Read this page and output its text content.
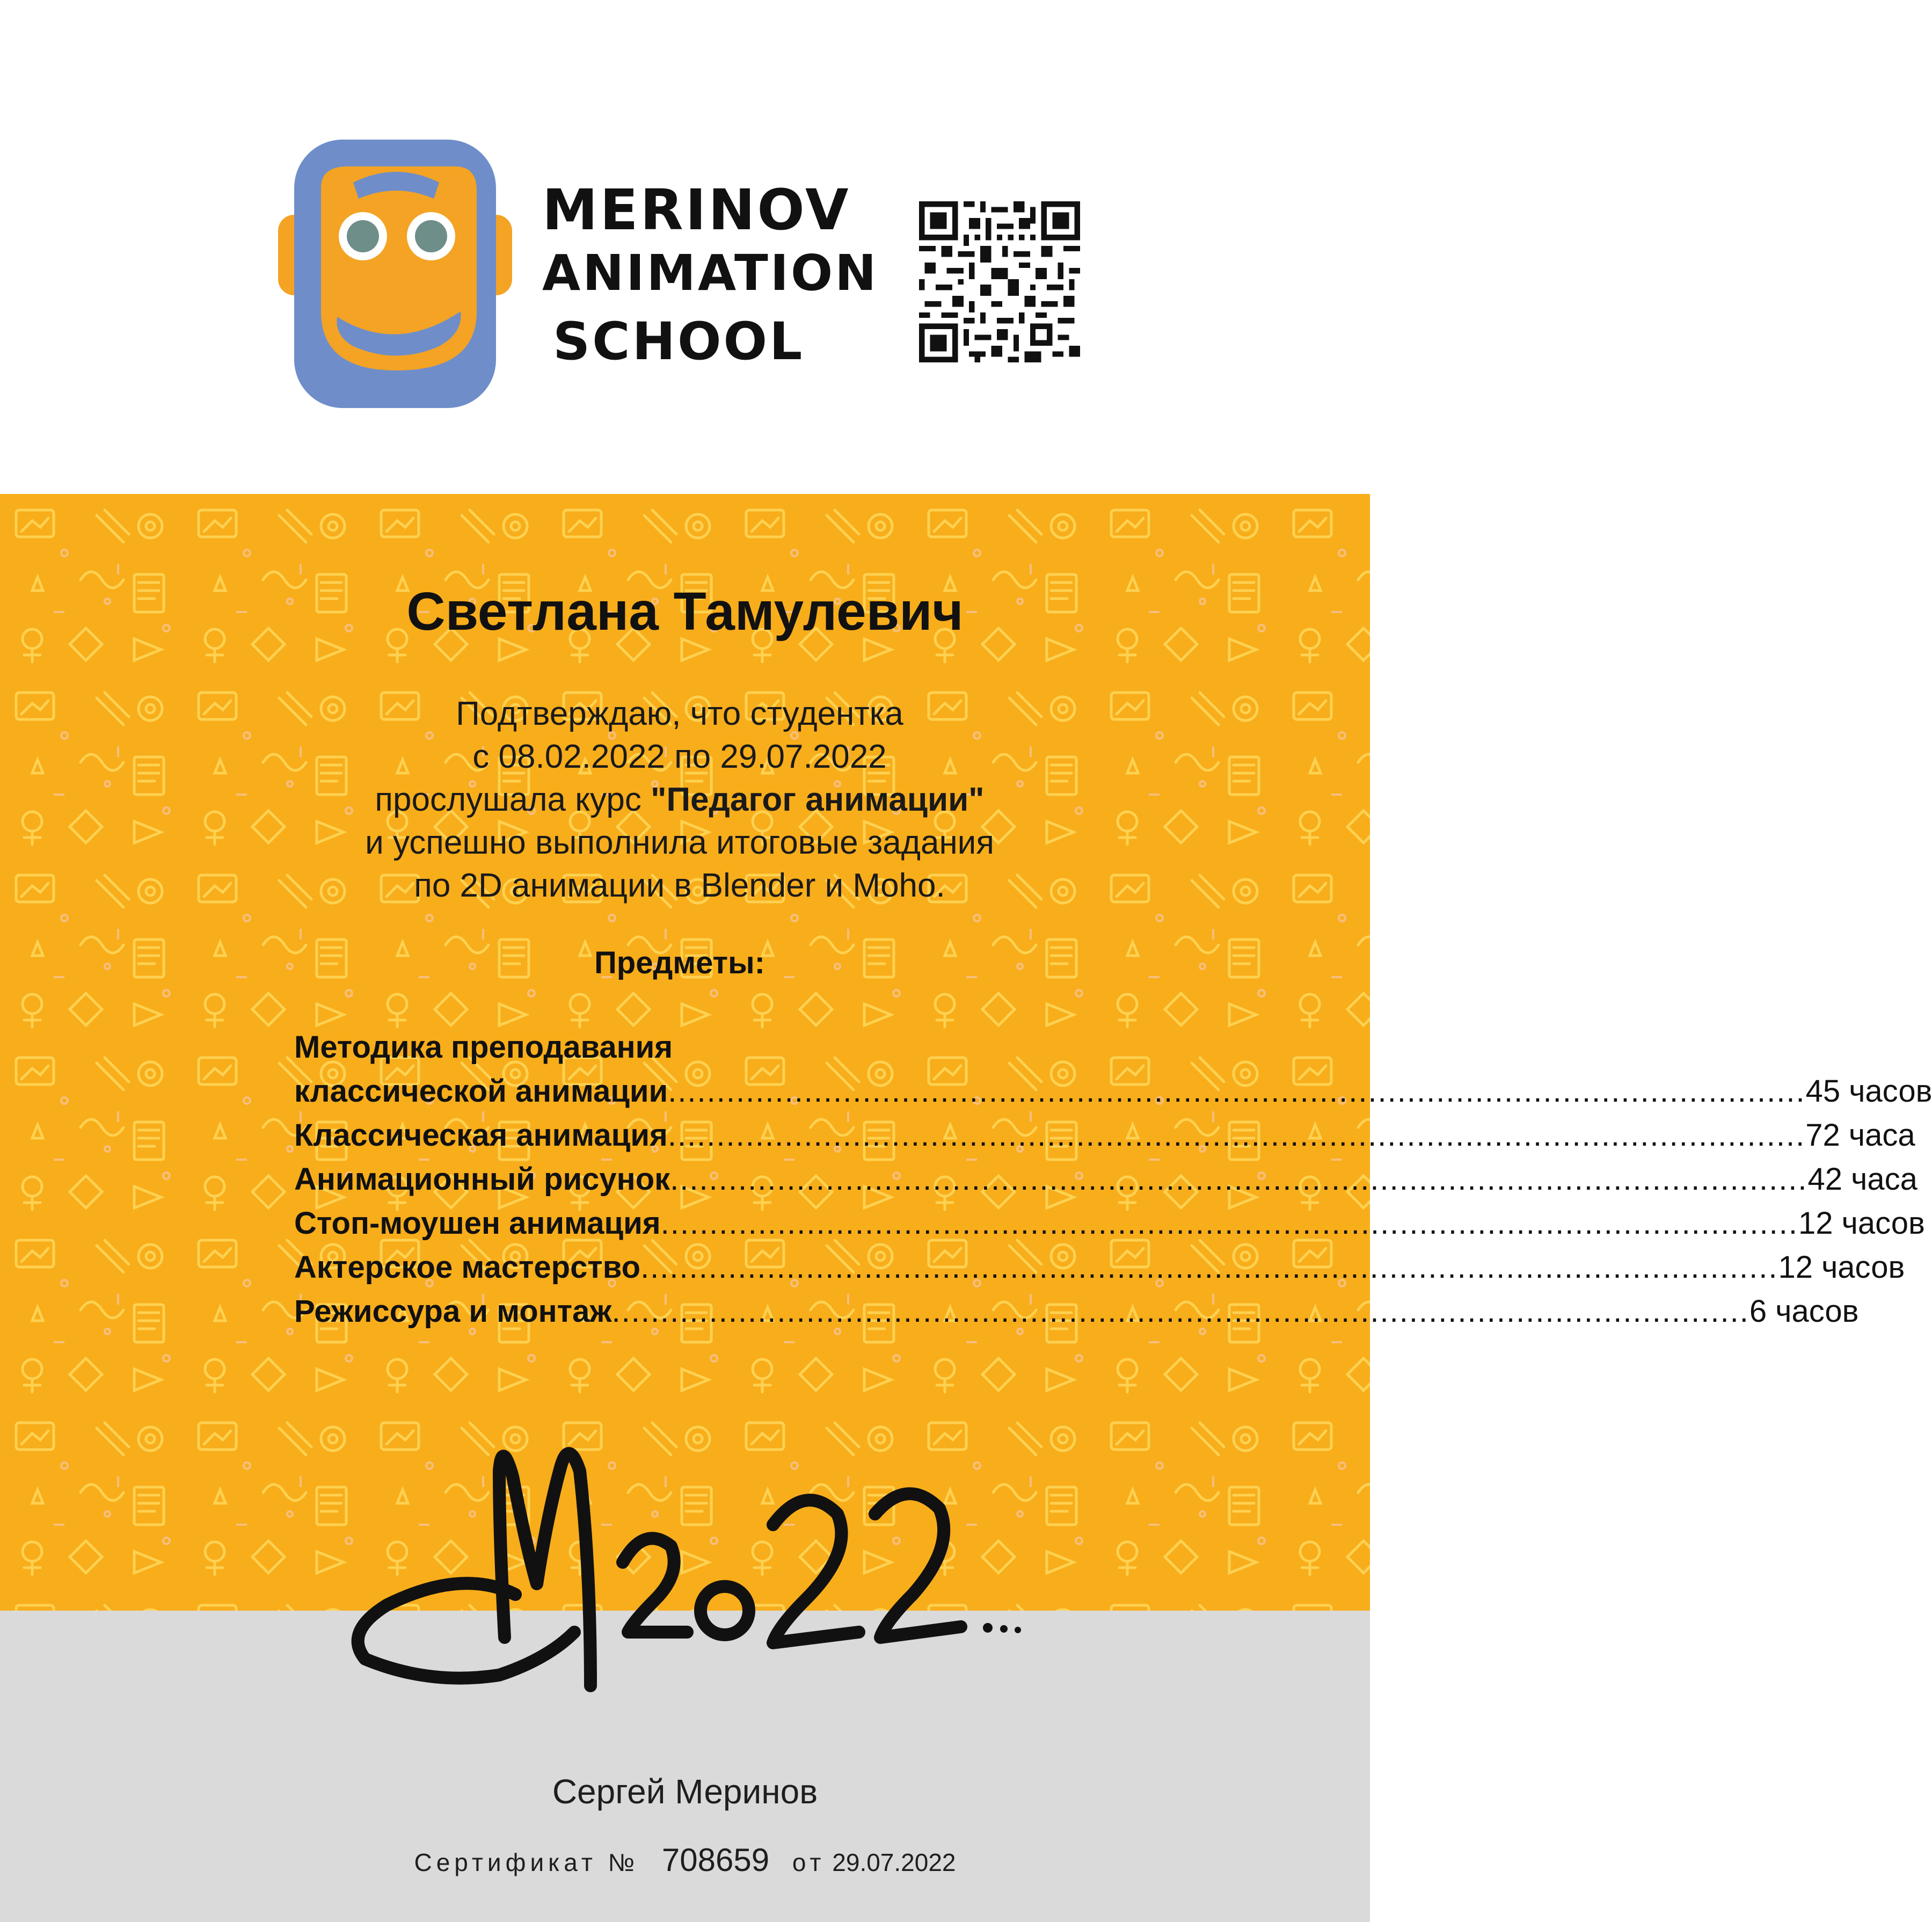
MERINOV
ANIMATION
SCHOOL
Светлана Тамулевич
Подтверждаю, что студентка
с 08.02.2022 по 29.07.2022
прослушала курс "Педагог анимации"
и успешно выполнила итоговые задания
по 2D анимации в Blender и Moho.
Предметы:
Методика преподавания
классической анимации ..................................................................................................................... 45 часов
Классическая анимация ..................................................................................................................... 72 часа
Анимационный рисунок ..................................................................................................................... 42 часа
Стоп-моушен анимация ..................................................................................................................... 12 часов
Актерское мастерство ..................................................................................................................... 12 часов
Режиссура и монтаж ..................................................................................................................... 6 часов
Сергей Меринов
Сертификат № 708659 от 29.07.2022
